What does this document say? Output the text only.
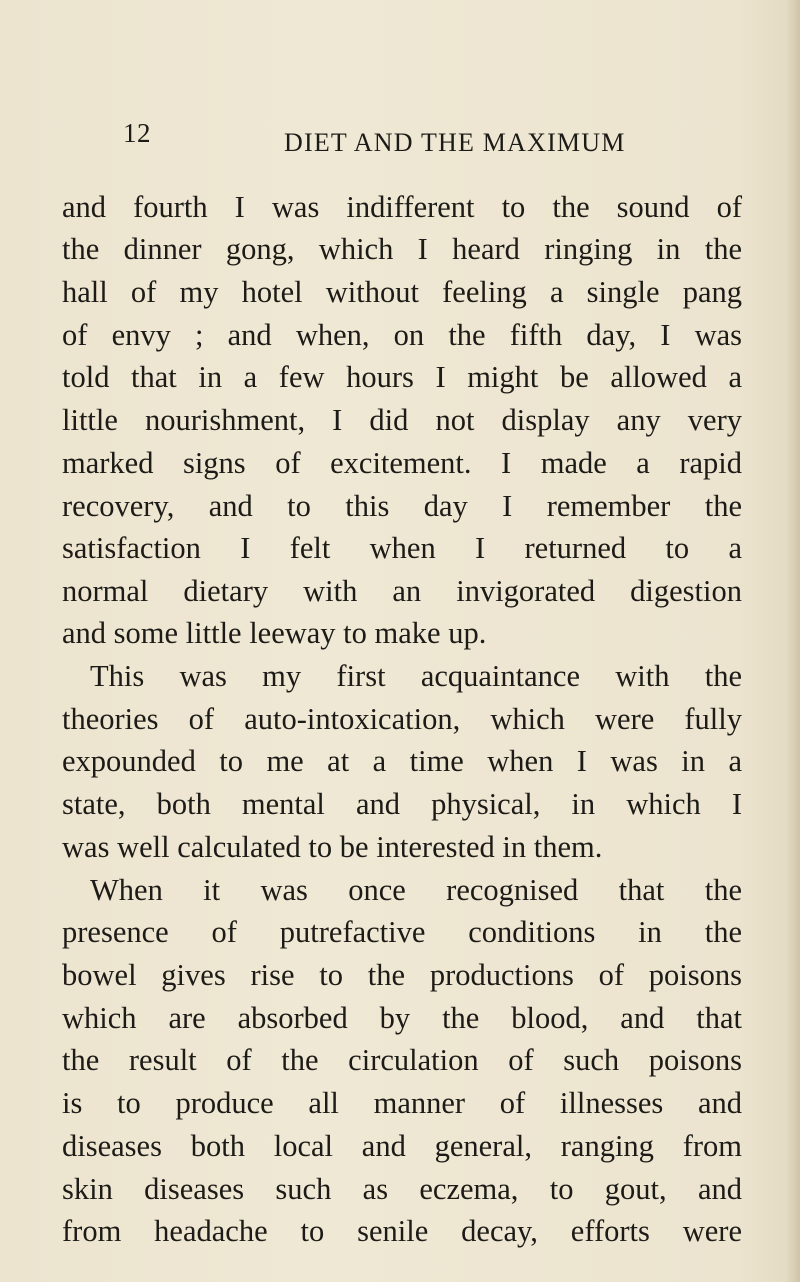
12	DIET AND THE MAXIMUM

and fourth I was indifferent to the sound of
the dinner gong, which I heard ringing in the
hall of my hotel without feeling a single pang
of envy ; and when, on the fifth day, I was
told that in a few hours I might be allowed a
little nourishment, I did not display any very
marked signs of excitement. I made a rapid
recovery, and to this day I remember the
satisfaction I felt when I returned to a
normal dietary with an invigorated digestion
and some little leeway to make up.
This was my first acquaintance with the
theories of auto-intoxication, which were fully
expounded to me at a time when I was in a
state, both mental and physical, in which I
was well calculated to be interested in them.
When it was once recognised that the
presence of putrefactive conditions in the
bowel gives rise to the productions of poisons
which are absorbed by the blood, and that
the result of the circulation of such poisons
is to produce all manner of illnesses and
diseases both local and general, ranging from
skin diseases such as eczema, to gout, and
from headache to senile decay, efforts were
